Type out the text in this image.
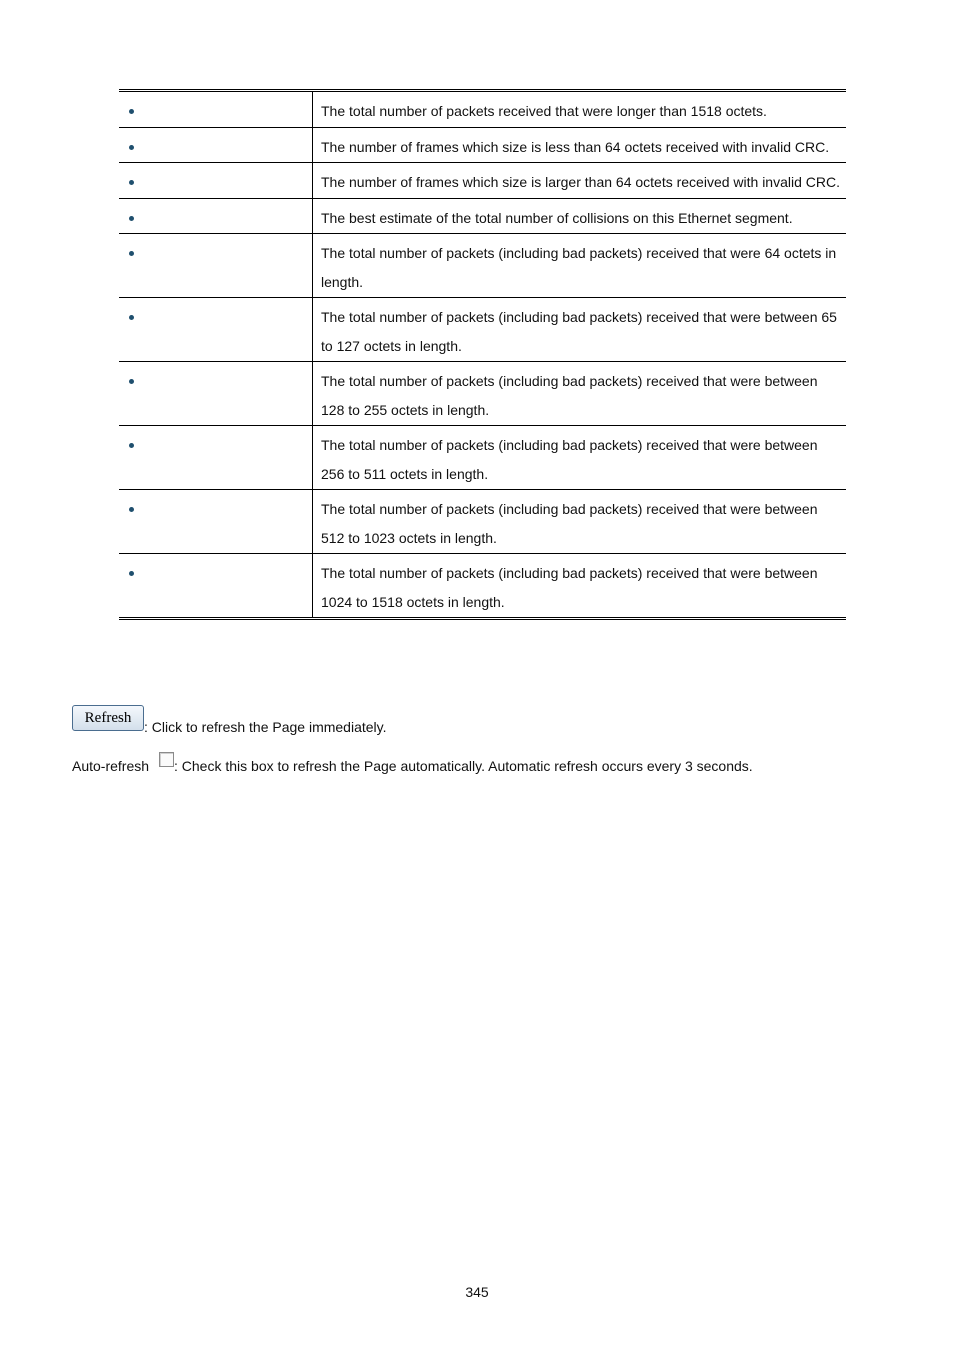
	The total number of packets received that were longer than 1518 octets.

	The number of frames which size is less than 64 octets received with invalid CRC.

	The number of frames which size is larger than 64 octets received with invalid CRC.

	The best estimate of the total number of collisions on this Ethernet segment.

	The total number of packets (including bad packets) received that were 64 octets in length.

	The total number of packets (including bad packets) received that were between 65 to 127 octets in length.

	The total number of packets (including bad packets) received that were between 128 to 255 octets in length.

	The total number of packets (including bad packets) received that were between 256 to 511 octets in length.

	The total number of packets (including bad packets) received that were between 512 to 1023 octets in length.

	The total number of packets (including bad packets) received that were between 1024 to 1518 octets in length.
Refresh
: Click to refresh the Page immediately.
Auto-refresh : Check this box to refresh the Page automatically. Automatic refresh occurs every 3 seconds.
345
